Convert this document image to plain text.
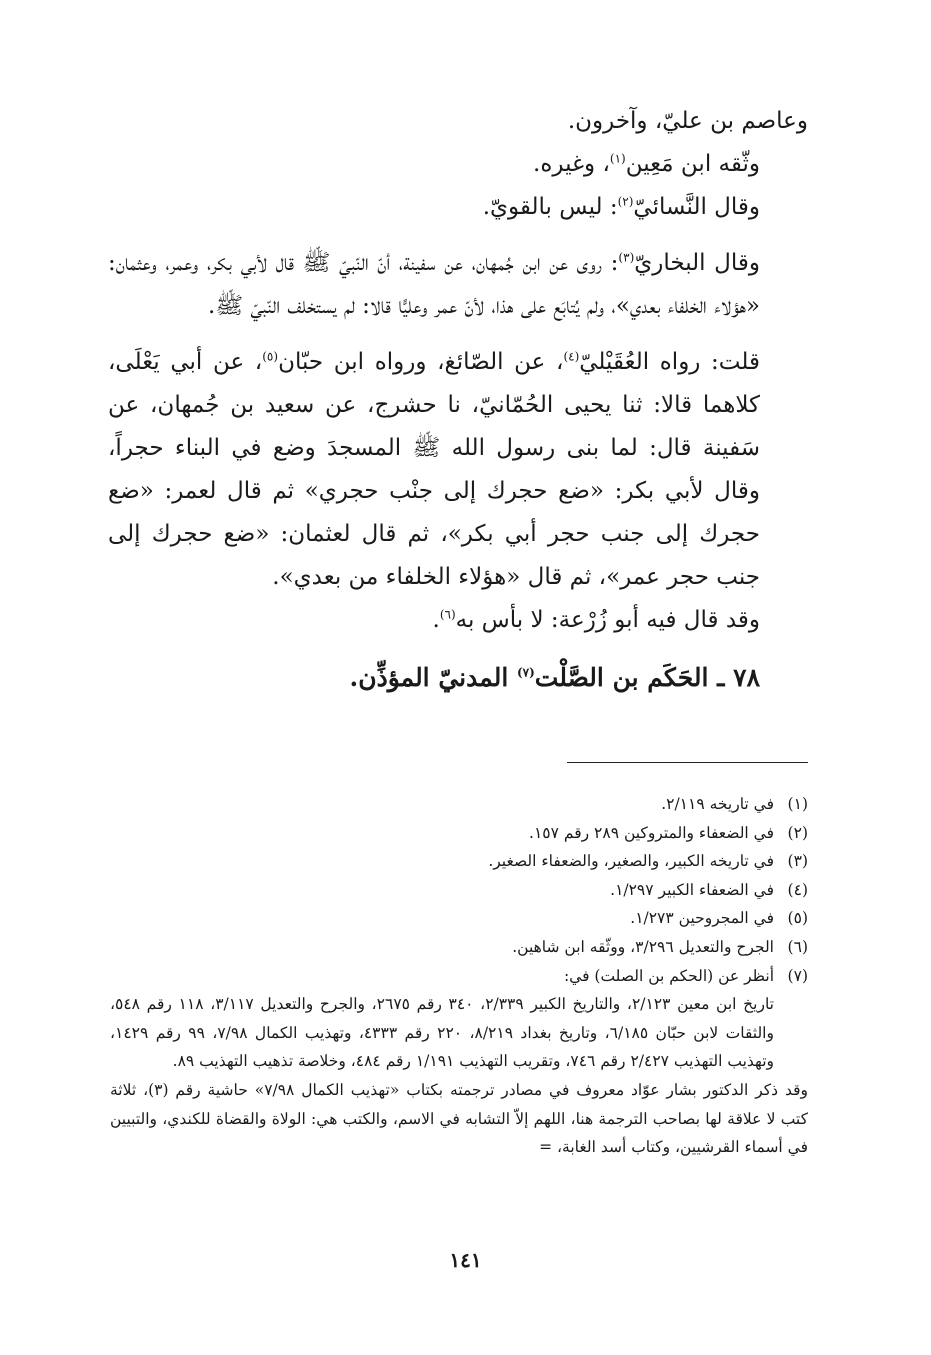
وعاصم بن عليّ، وآخرون.

وثّقه ابن مَعِين$^{(١)}$، وغيره.

وقال النَّسائيّ$^{(٢)}$: ليس بالقويّ.

وقال البخاريّ$^{(٣)}$: روى عن ابن جُمهان، عن سفينة، أنّ النّبيّ ﷺ قال لأبي بكر، وعمر، وعثمان: «هؤلاء الخلفاء بعدي»، ولم يُتابَع على هذا، لأنّ عمر وعليًّا قالا: لم يستخلف النّبيّ ﷺ.

قلت: رواه العُقَيْليّ$^{(٤)}$، عن الصّائغ، ورواه ابن حبّان$^{(٥)}$، عن أبي يَعْلَى، كلاهما قالا: ثنا يحيى الحُمّانيّ، نا حشرج، عن سعيد بن جُمهان، عن سَفينة قال: لما بنى رسول الله ﷺ المسجدَ وضع في البناء حجراً، وقال لأبي بكر: «ضع حجرك إلى جنْب حجري» ثم قال لعمر: «ضع حجرك إلى جنب حجر أبي بكر»، ثم قال لعثمان: «ضع حجرك إلى جنب حجر عمر»، ثم قال «هؤلاء الخلفاء من بعدي».

وقد قال فيه أبو زُرْعة: لا بأس به$^{(٦)}$.

٧٨ ـ الحَكَم بن الصَّلْت$^{(٧)}$ المدنيّ المؤذِّن.

(١)
في تاريخه ٢/١١٩.
(٢)
في الضعفاء والمتروكين ٢٨٩ رقم ١٥٧.
(٣)
في تاريخه الكبير، والصغير، والضعفاء الصغير.
(٤)
في الضعفاء الكبير ١/٢٩٧.
(٥)
في المجروحين ١/٢٧٣.
(٦)
الجرح والتعديل ٣/٢٩٦، ووثّقه ابن شاهين.
(٧)
أنظر عن (الحكم بن الصلت) في:
تاريخ ابن معين ٢/١٢٣، والتاريخ الكبير ٢/٣٣٩، ٣٤٠ رقم ٢٦٧٥، والجرح والتعديل ٣/١١٧، ١١٨ رقم ٥٤٨، والثقات لابن حبّان ٦/١٨٥، وتاريخ بغداد ٨/٢١٩، ٢٢٠ رقم ٤٣٣٣، وتهذيب الكمال ٧/٩٨، ٩٩ رقم ١٤٢٩، وتهذيب التهذيب ٢/٤٢٧ رقم ٧٤٦، وتقريب التهذيب ١/١٩١ رقم ٤٨٤، وخلاصة تذهيب التهذيب ٨٩.
وقد ذكر الدكتور بشار عوّاد معروف في مصادر ترجمته بكتاب «تهذيب الكمال ٧/٩٨» حاشية رقم (٣)، ثلاثة كتب لا علاقة لها بصاحب الترجمة هنا، اللهم إلاّ التشابه في الاسم، والكتب هي: الولاة والقضاة للكندي، والتبيين في أسماء القرشيين، وكتاب أسد الغابة، =
١٤١
